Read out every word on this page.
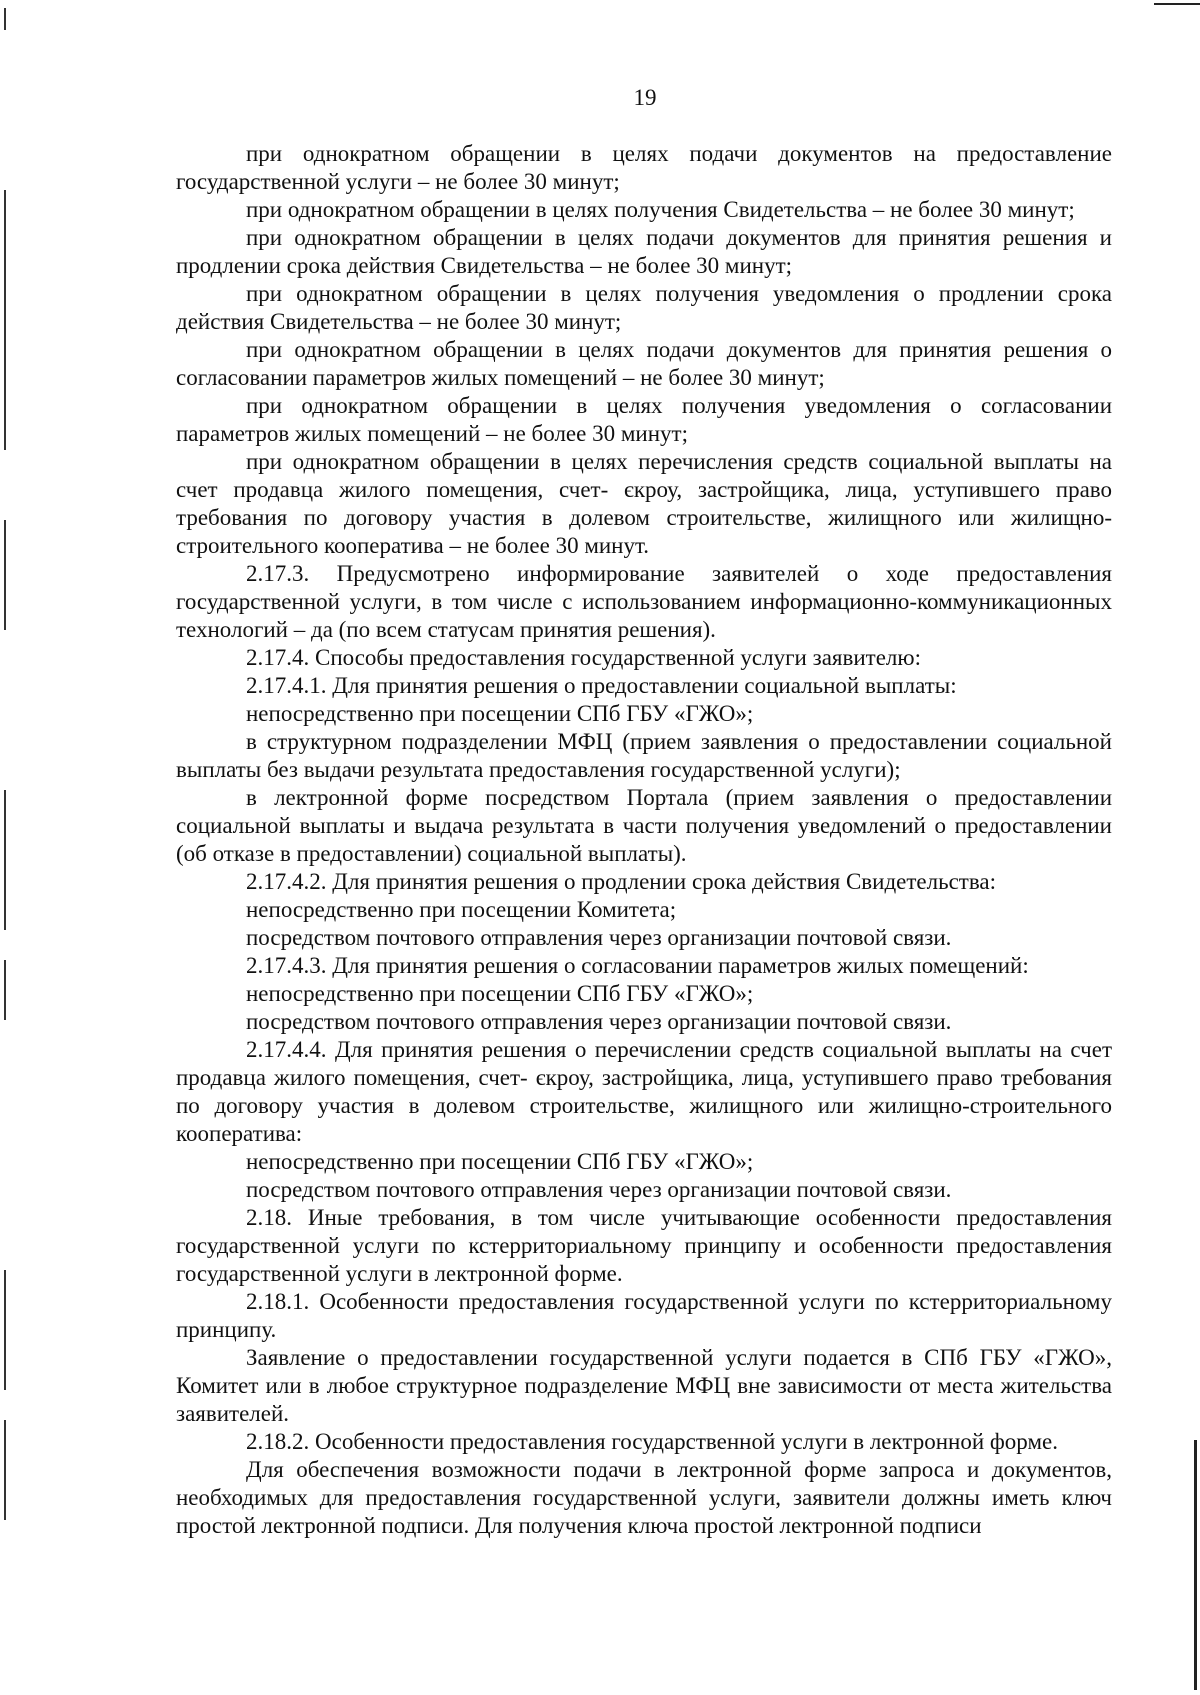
19

при однократном обращении в целях подачи документов на предоставление государственной услуги – не более 30 минут;

при однократном обращении в целях получения Свидетельства – не более 30 минут;

при однократном обращении в целях подачи документов для принятия решения и продлении срока действия Свидетельства – не более 30 минут;

при однократном обращении в целях получения уведомления о продлении срока действия Свидетельства – не более 30 минут;

при однократном обращении в целях подачи документов для принятия решения о согласовании параметров жилых помещений – не более 30 минут;

при однократном обращении в целях получения уведомления о согласовании параметров жилых помещений – не более 30 минут;

при однократном обращении в целях перечисления средств социальной выплаты на счет продавца жилого помещения, счет- єкроу, застройщика, лица, уступившего право требования по договору участия в долевом строительстве, жилищного или жилищно-строительного кооператива – не более 30 минут.

2.17.3. Предусмотрено информирование заявителей о ходе предоставления государственной услуги, в том числе с использованием информационно-коммуникационных технологий – да (по всем статусам принятия решения).

2.17.4. Способы предоставления государственной услуги заявителю:

2.17.4.1. Для принятия решения о предоставлении социальной выплаты:

непосредственно при посещении СПб ГБУ «ГЖО»;

в структурном подразделении МФЦ (прием заявления о предоставлении социальной выплаты без выдачи результата предоставления государственной услуги);

в лектронной форме посредством Портала (прием заявления о предоставлении социальной выплаты и выдача результата в части получения уведомлений о предоставлении (об отказе в предоставлении) социальной выплаты).

2.17.4.2. Для принятия решения о продлении срока действия Свидетельства:

непосредственно при посещении Комитета;

посредством почтового отправления через организации почтовой связи.

2.17.4.3. Для принятия решения о согласовании параметров жилых помещений:

непосредственно при посещении СПб ГБУ «ГЖО»;

посредством почтового отправления через организации почтовой связи.

2.17.4.4. Для принятия решения о перечислении средств социальной выплаты на счет продавца жилого помещения, счет- єкроу, застройщика, лица, уступившего право требования по договору участия в долевом строительстве, жилищного или жилищно-строительного кооператива:

непосредственно при посещении СПб ГБУ «ГЖО»;

посредством почтового отправления через организации почтовой связи.

2.18. Иные требования, в том числе учитывающие особенности предоставления государственной услуги по кстерриториальному принципу и особенности предоставления государственной услуги в лектронной форме.

2.18.1. Особенности предоставления государственной услуги по кстерриториальному принципу.

Заявление о предоставлении государственной услуги подается в СПб ГБУ «ГЖО», Комитет или в любое структурное подразделение МФЦ вне зависимости от места жительства заявителей.

2.18.2. Особенности предоставления государственной услуги в лектронной форме.

Для обеспечения возможности подачи в лектронной форме запроса и документов, необходимых для предоставления государственной услуги, заявители должны иметь ключ простой лектронной подписи. Для получения ключа простой лектронной подписи
